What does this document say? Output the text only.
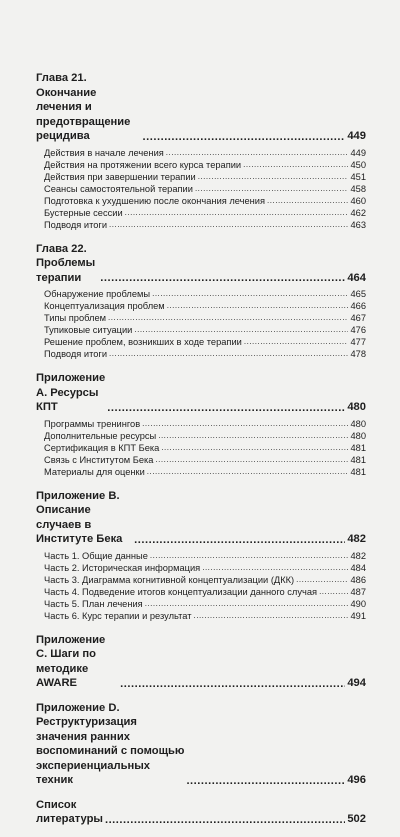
Глава 21. Окончание лечения и предотвращение рецидива .....	449
Действия в начале лечения .....	449
Действия на протяжении всего курса терапии .....	450
Действия при завершении терапии .....	451
Сеансы самостоятельной терапии .....	458
Подготовка к ухудшению после окончания лечения .....	460
Бустерные сессии .....	462
Подводя итоги .....	463
Глава 22. Проблемы терапии .....	464
Обнаружение проблемы .....	465
Концептуализация проблем .....	466
Типы проблем .....	467
Тупиковые ситуации .....	476
Решение проблем, возникших в ходе терапии .....	477
Подводя итоги .....	478
Приложение А. Ресурсы КПТ .....	480
Программы тренингов .....	480
Дополнительные ресурсы .....	480
Сертификация в КПТ Бека .....	481
Связь с Институтом Бека .....	481
Материалы для оценки .....	481
Приложение В. Описание случаев в Институте Бека .....	482
Часть 1. Общие данные .....	482
Часть 2. Историческая информация .....	484
Часть 3. Диаграмма когнитивной концептуализации (ДКК) .....	486
Часть 4. Подведение итогов концептуализации данного случая .....	487
Часть 5. План лечения .....	490
Часть 6. Курс терапии и результат .....	491
Приложение С. Шаги по методике AWARE .....	494
Приложение D. Реструктуризация значения ранних воспоминаний с помощью экспериенциальных техник .....	496
Список литературы .....	502
